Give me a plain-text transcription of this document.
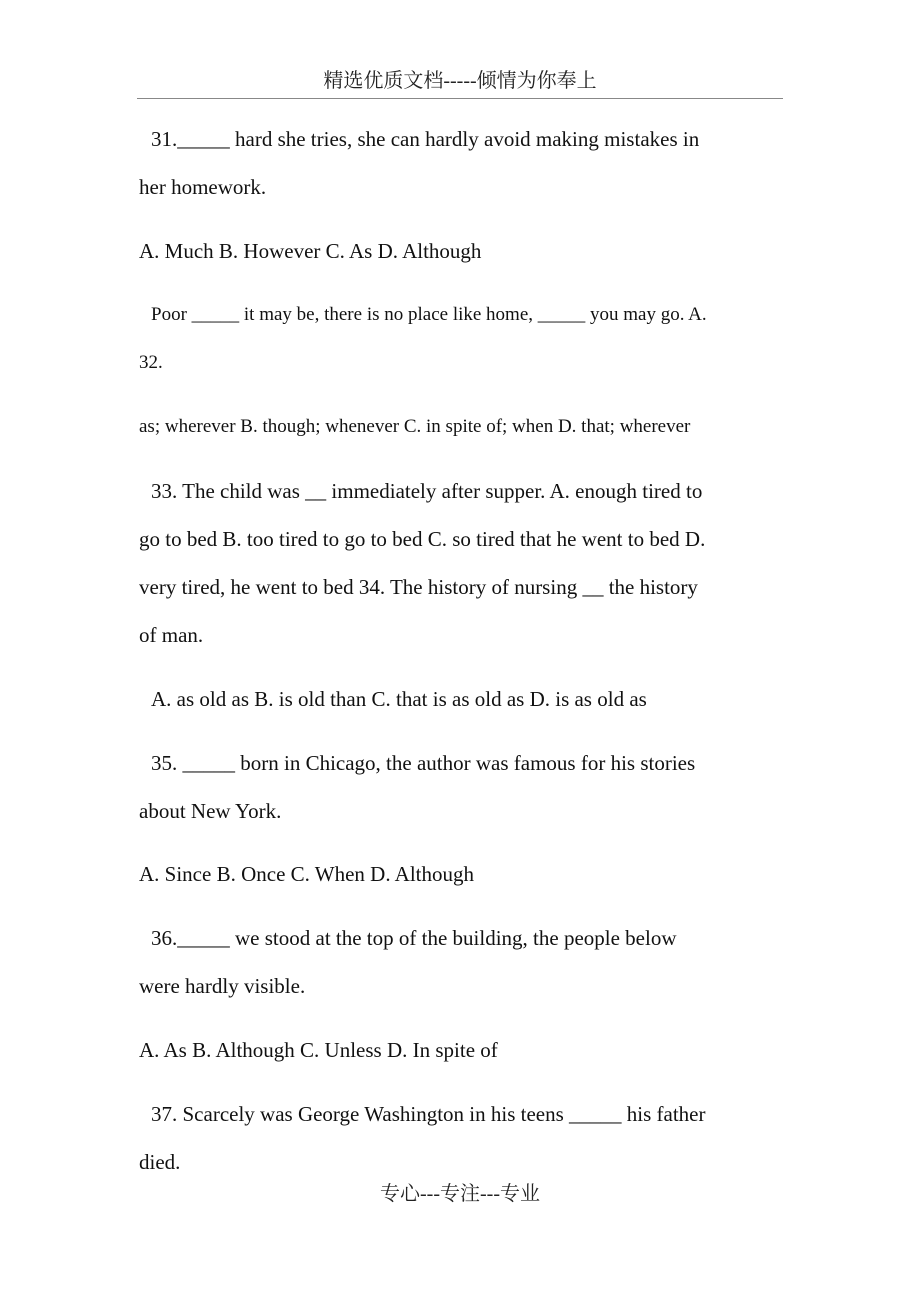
精选优质文档-----倾情为你奉上
31._____ hard she tries, she can hardly avoid making mistakes in
her homework.
A. Much B. However C. As D. Although
Poor _____ it may be, there is no place like home, _____ you may go. A.
32.
as; wherever B. though; whenever C. in spite of; when D. that; wherever
33. The child was __ immediately after supper. A. enough tired to
go to bed B. too tired to go to bed C. so tired that he went to bed D.
very tired, he went to bed 34. The history of nursing __ the history
of man.
A. as old as B. is old than C. that is as old as D. is as old as
35. _____ born in Chicago, the author was famous for his stories
about New York.
A. Since B. Once C. When D. Although
36._____ we stood at the top of the building, the people below
were hardly visible.
A. As B. Although C. Unless D. In spite of
37. Scarcely was George Washington in his teens _____ his father
died.
专心---专注---专业
